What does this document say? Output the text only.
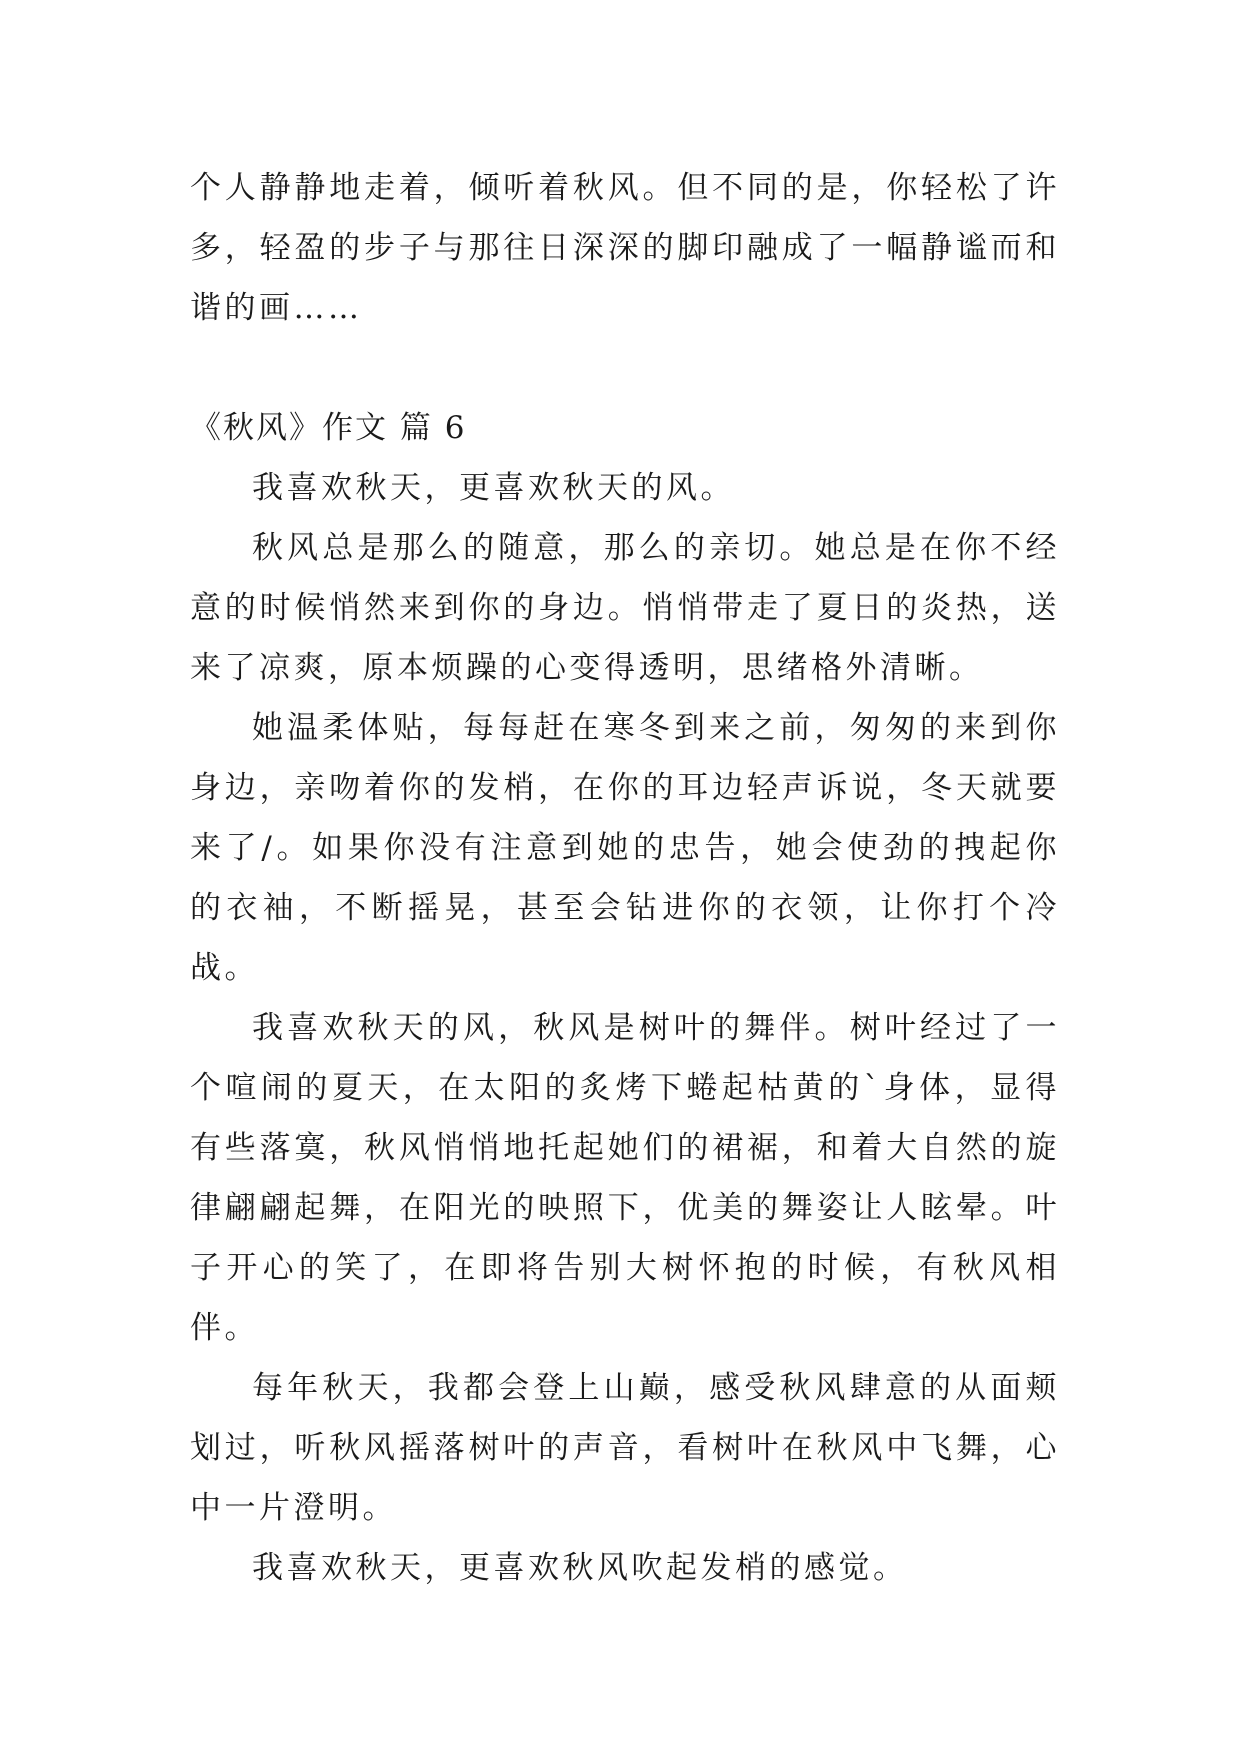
个人静静地走着，倾听着秋风。但不同的是，你轻松了许多，轻盈的步子与那往日深深的脚印融成了一幅静谧而和谐的画……

《秋风》作文 篇 6

我喜欢秋天，更喜欢秋天的风。

秋风总是那么的随意，那么的亲切。她总是在你不经意的时候悄然来到你的身边。悄悄带走了夏日的炎热，送来了凉爽，原本烦躁的心变得透明，思绪格外清晰。

她温柔体贴，每每赶在寒冬到来之前，匆匆的来到你身边，亲吻着你的发梢，在你的耳边轻声诉说，冬天就要来了/。如果你没有注意到她的忠告，她会使劲的拽起你的衣袖，不断摇晃，甚至会钻进你的衣领，让你打个冷战。

我喜欢秋天的风，秋风是树叶的舞伴。树叶经过了一个喧闹的夏天，在太阳的炙烤下蜷起枯黄的`身体，显得有些落寞，秋风悄悄地托起她们的裙裾，和着大自然的旋律翩翩起舞，在阳光的映照下，优美的舞姿让人眩晕。叶子开心的笑了，在即将告别大树怀抱的时候，有秋风相伴。

每年秋天，我都会登上山巅，感受秋风肆意的从面颊划过，听秋风摇落树叶的声音，看树叶在秋风中飞舞，心中一片澄明。

我喜欢秋天，更喜欢秋风吹起发梢的感觉。
